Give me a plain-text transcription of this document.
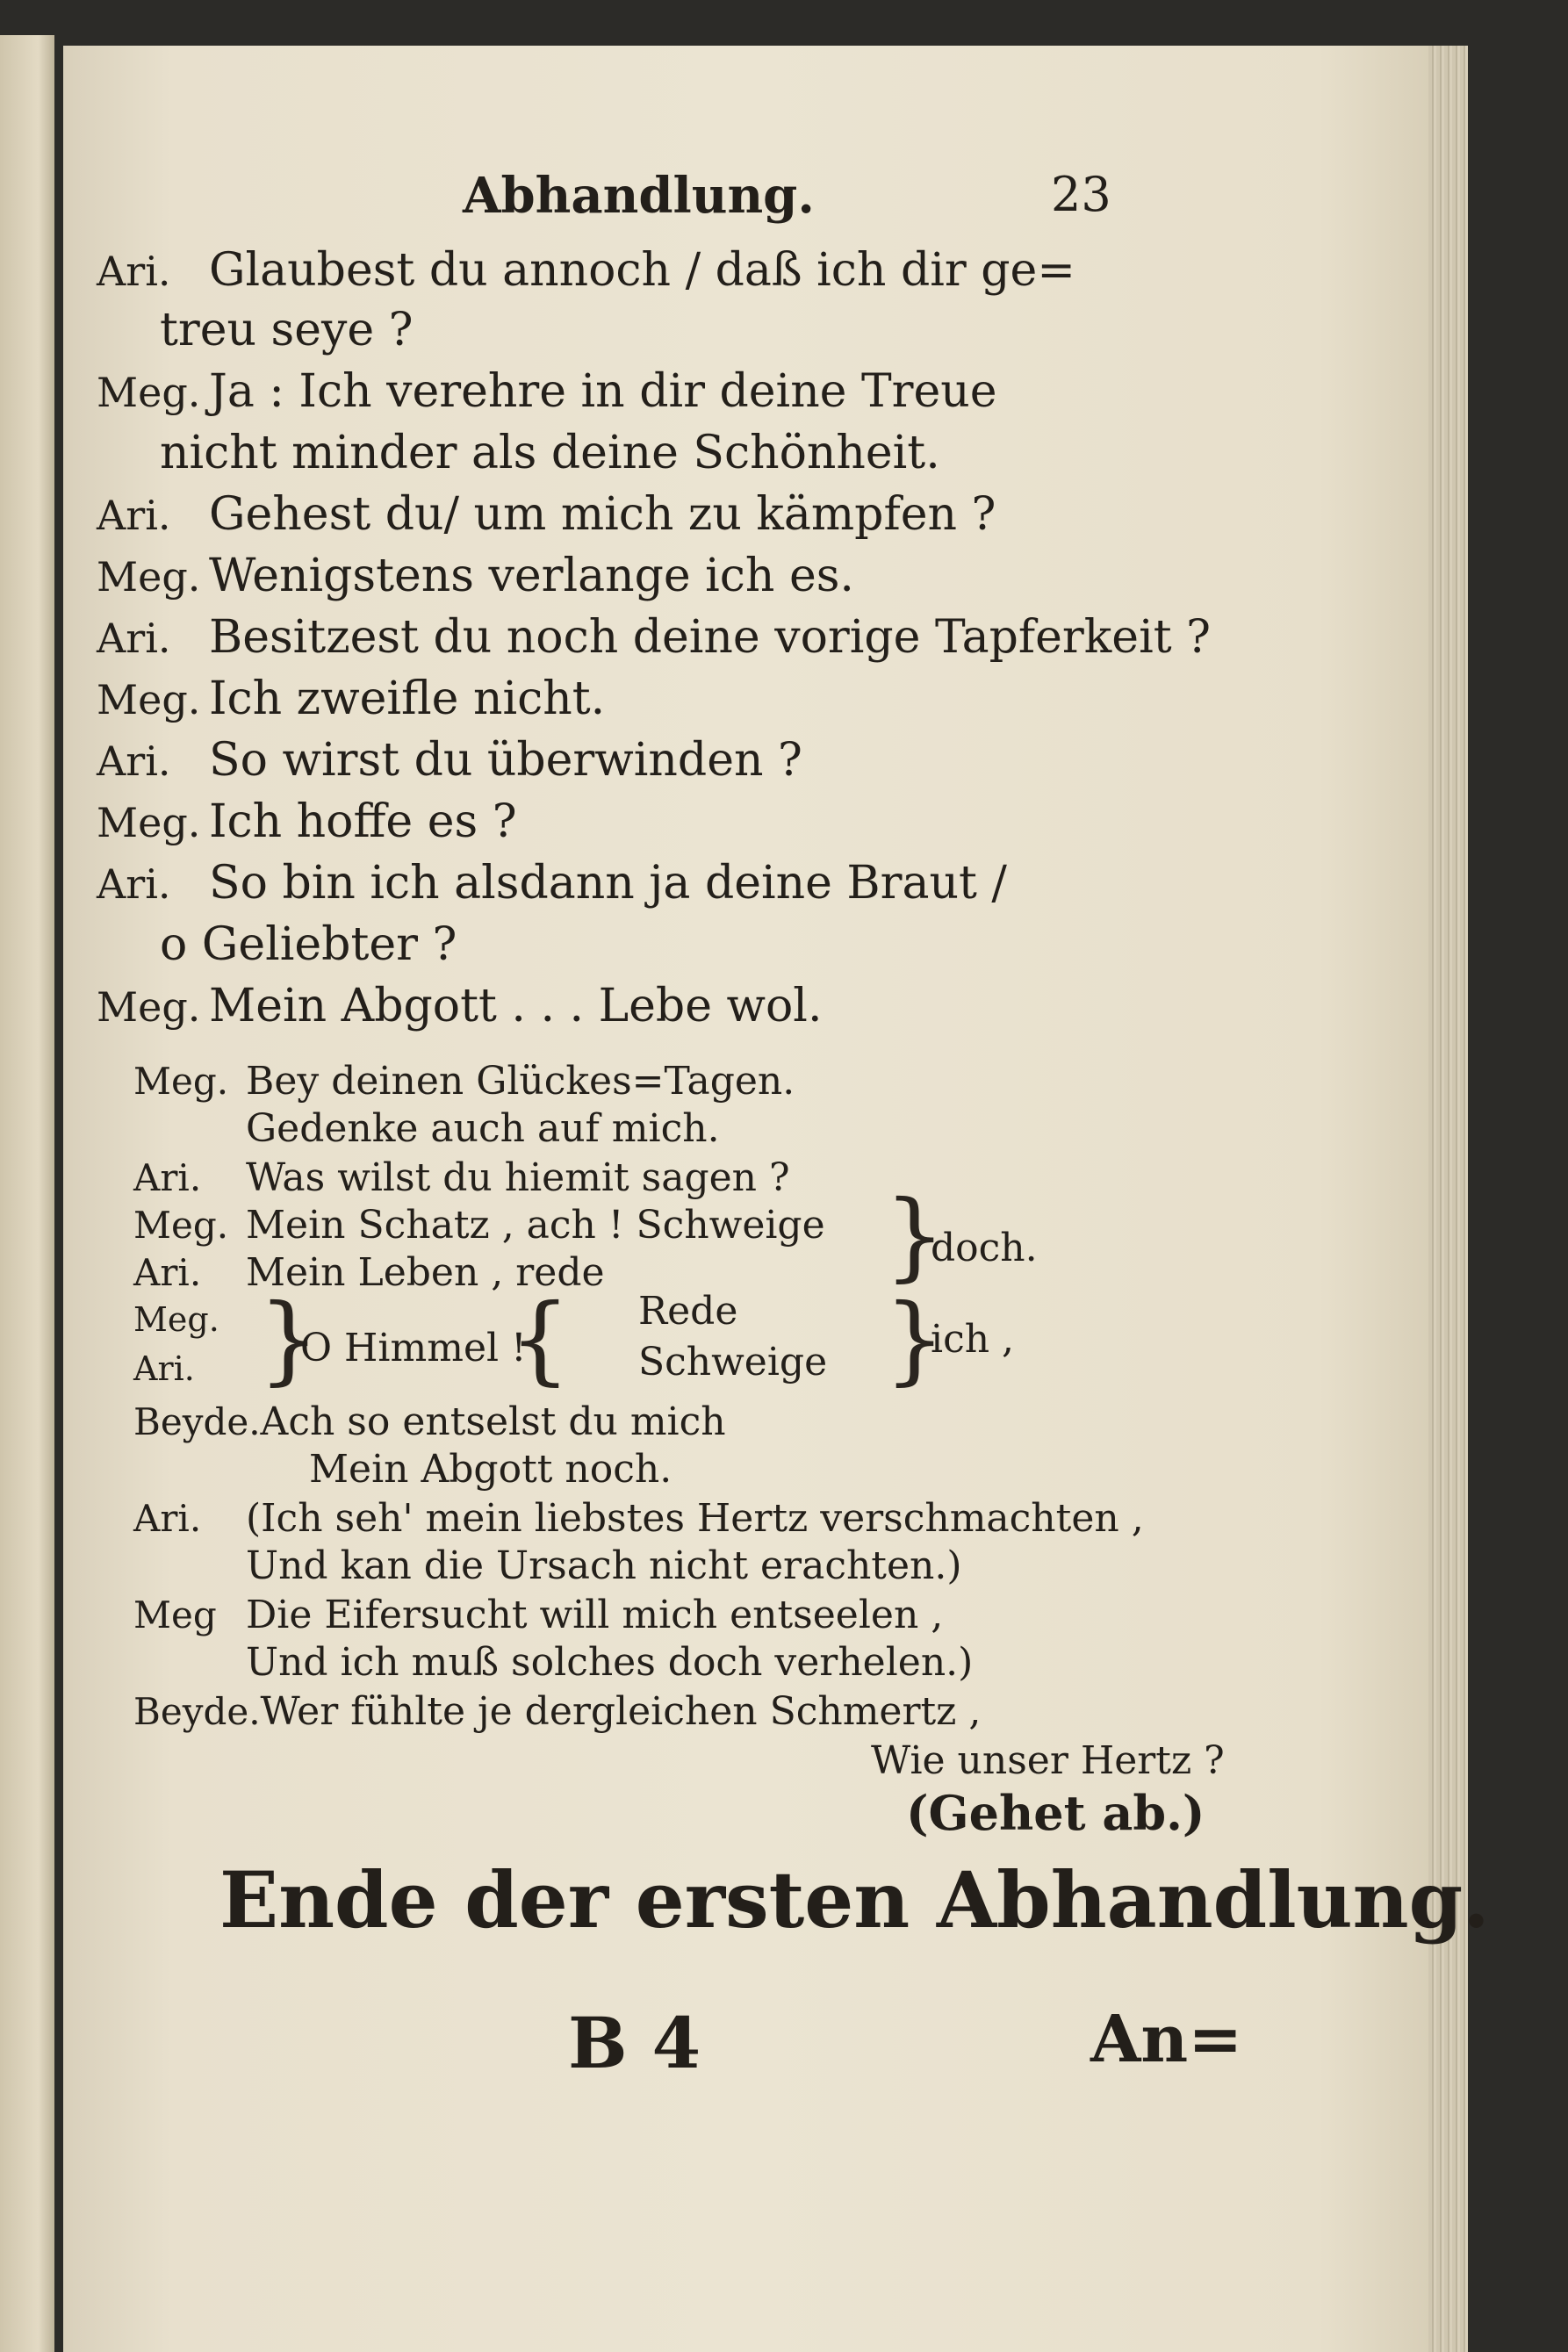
Abhandlung.	23
Ari. Glaubest du annoch / daß ich dir ge=
treu seye ?
Meg. Ja : Ich verehre in dir deine Treue
nicht minder als deine Schönheit.
Ari. Gehest du/ um mich zu kämpfen ?
Meg. Wenigstens verlange ich es.
Ari. Besitzest du noch deine vorige Tapferkeit ?
Meg. Ich zweifle nicht.
Ari. So wirst du überwinden ?
Meg. Ich hoffe es ?
Ari. So bin ich alsdann ja deine Braut /
o Geliebter ?
Meg. Mein Abgott . . . Lebe wol.
Meg. Bey deinen Glückes=Tagen.
Gedenke auch auf mich.
Ari. Was wilst du hiemit sagen ?
Meg. Mein Schatz , ach ! Schweige
Ari. Mein Leben , rede	}
doch.
Meg.
Ari. }
O Himmel !
{ Rede
Schweige }
ich ,
Beyde.Ach so entselst du mich
Mein Abgott noch.
Ari. (Ich seh' mein liebstes Hertz verschmachten ,
Und kan die Ursach nicht erachten.)
Meg Die Eifersucht will mich entseelen ,
Und ich muß solches doch verhelen.)
Beyde.Wer fühlte je dergleichen Schmertz ,
Wie unser Hertz ?
(Gehet ab.)
Ende der ersten Abhandlung.
B 4	An=
